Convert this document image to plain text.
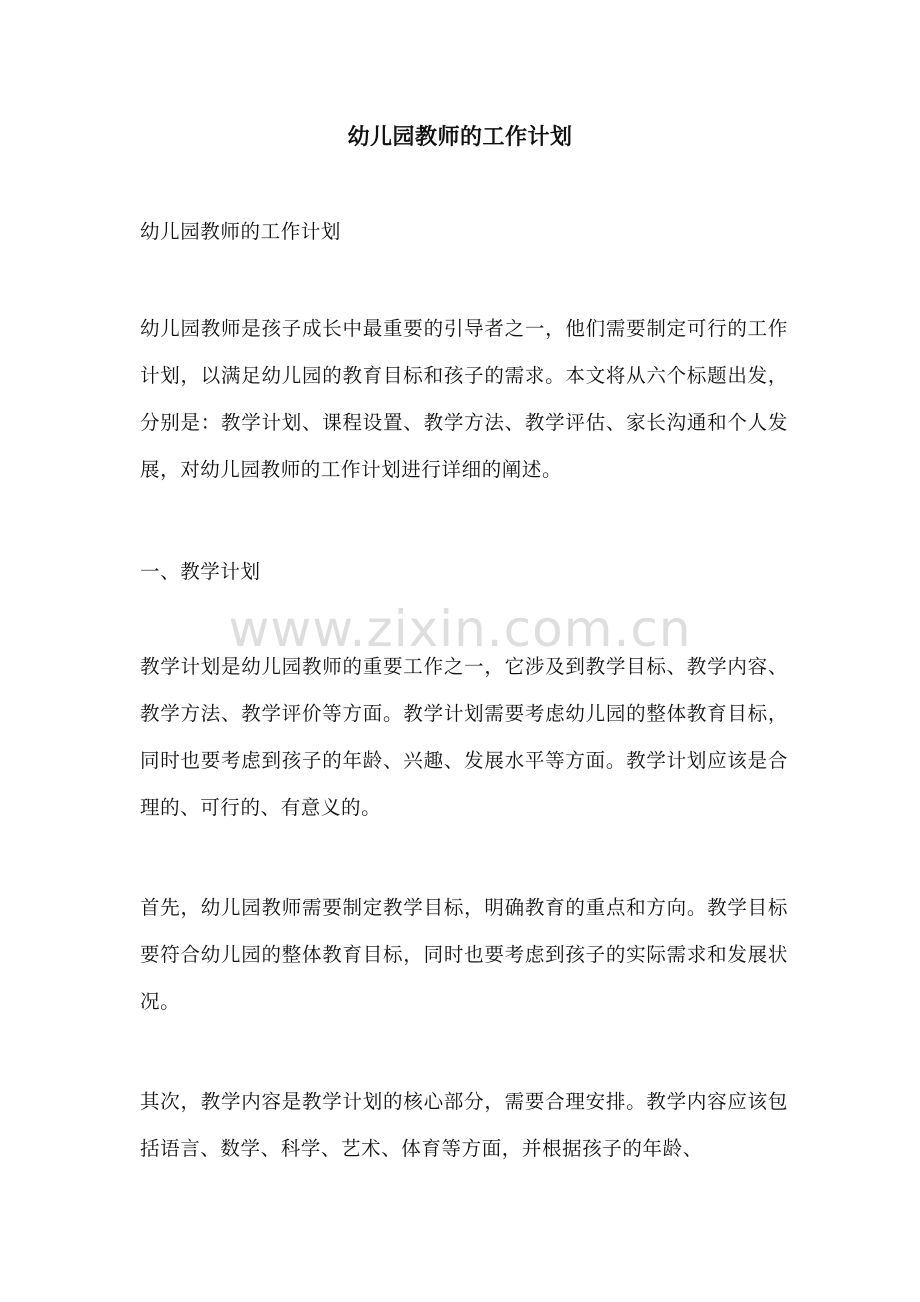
幼儿园教师的工作计划
幼儿园教师的工作计划
幼儿园教师是孩子成长中最重要的引导者之一，他们需要制定可行的工作计划，以满足幼儿园的教育目标和孩子的需求。本文将从六个标题出发，分别是：教学计划、课程设置、教学方法、教学评估、家长沟通和个人发展，对幼儿园教师的工作计划进行详细的阐述。
一、教学计划
教学计划是幼儿园教师的重要工作之一，它涉及到教学目标、教学内容、教学方法、教学评价等方面。教学计划需要考虑幼儿园的整体教育目标，同时也要考虑到孩子的年龄、兴趣、发展水平等方面。教学计划应该是合理的、可行的、有意义的。
首先，幼儿园教师需要制定教学目标，明确教育的重点和方向。教学目标要符合幼儿园的整体教育目标，同时也要考虑到孩子的实际需求和发展状况。
其次，教学内容是教学计划的核心部分，需要合理安排。教学内容应该包括语言、数学、科学、艺术、体育等方面，并根据孩子的年龄、
www.zixin.com.cn
